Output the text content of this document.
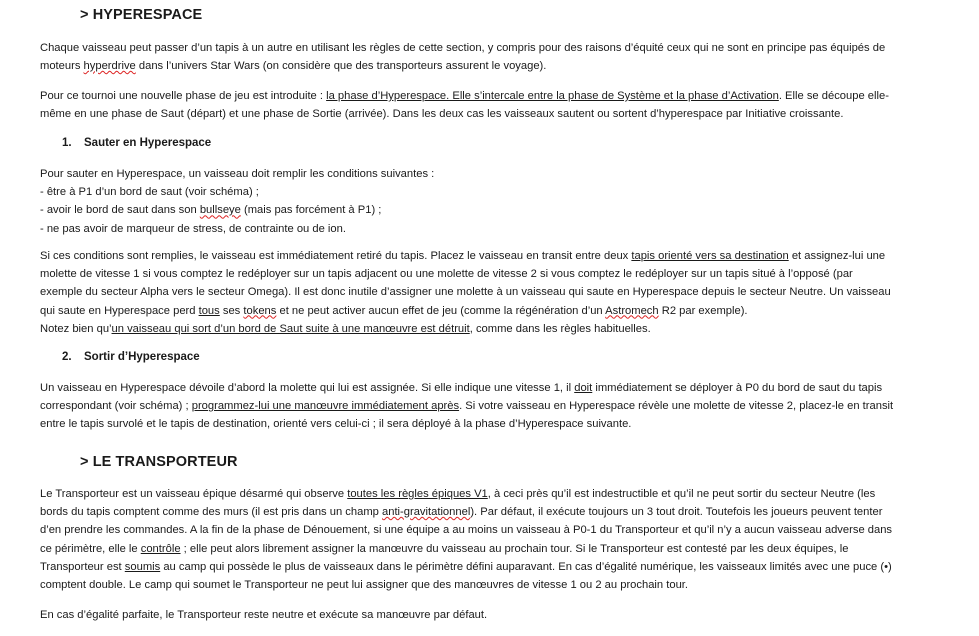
> HYPERESPACE
Chaque vaisseau peut passer d’un tapis à un autre en utilisant les règles de cette section, y compris pour des raisons d’équité ceux qui ne sont en principe pas équipés de
moteurs hyperdrive dans l’univers Star Wars (on considère que des transporteurs assurent le voyage).
Pour ce tournoi une nouvelle phase de jeu est introduite : la phase d’Hyperespace. Elle s’intercale entre la phase de Système et la phase d’Activation. Elle se découpe elle-
même en une phase de Saut (départ) et une phase de Sortie (arrivée). Dans les deux cas les vaisseaux sautent ou sortent d’hyperespace par Initiative croissante.
1. Sauter en Hyperespace
Pour sauter en Hyperespace, un vaisseau doit remplir les conditions suivantes :
- être à P1 d’un bord de saut (voir schéma) ;
- avoir le bord de saut dans son bullseye (mais pas forcément à P1) ;
- ne pas avoir de marqueur de stress, de contrainte ou de ion.
Si ces conditions sont remplies, le vaisseau est immédiatement retiré du tapis. Placez le vaisseau en transit entre deux tapis orienté vers sa destination et assignez-lui une
molette de vitesse 1 si vous comptez le redéployer sur un tapis adjacent ou une molette de vitesse 2 si vous comptez le redéployer sur un tapis situé à l’opposé (par
exemple du secteur Alpha vers le secteur Omega). Il est donc inutile d’assigner une molette à un vaisseau qui saute en Hyperespace depuis le secteur Neutre. Un vaisseau
qui saute en Hyperespace perd tous ses tokens et ne peut activer aucun effet de jeu (comme la régénération d’un Astromech R2 par exemple).
Notez bien qu’un vaisseau qui sort d’un bord de Saut suite à une manœuvre est détruit, comme dans les règles habituelles.
2. Sortir d’Hyperespace
Un vaisseau en Hyperespace dévoile d’abord la molette qui lui est assignée. Si elle indique une vitesse 1, il doit immédiatement se déployer à P0 du bord de saut du tapis
correspondant (voir schéma) ; programmez-lui une manœuvre immédiatement après. Si votre vaisseau en Hyperespace révèle une molette de vitesse 2, placez-le en transit
entre le tapis survolé et le tapis de destination, orienté vers celui-ci ; il sera déployé à la phase d’Hyperespace suivante.
> LE TRANSPORTEUR
Le Transporteur est un vaisseau épique désarmé qui observe toutes les règles épiques V1, à ceci près qu’il est indestructible et qu’il ne peut sortir du secteur Neutre (les
bords du tapis comptent comme des murs (il est pris dans un champ anti-gravitationnel). Par défaut, il exécute toujours un 3 tout droit. Toutefois les joueurs peuvent tenter
d’en prendre les commandes. A la fin de la phase de Dénouement, si une équipe a au moins un vaisseau à P0-1 du Transporteur et qu’il n’y a aucun vaisseau adverse dans
ce périmètre, elle le contrôle ; elle peut alors librement assigner la manœuvre du vaisseau au prochain tour. Si le Transporteur est contesté par les deux équipes, le
Transporteur est soumis au camp qui possède le plus de vaisseaux dans le périmètre défini auparavant. En cas d’égalité numérique, les vaisseaux limités avec une puce (•)
comptent double. Le camp qui soumet le Transporteur ne peut lui assigner que des manœuvres de vitesse 1 ou 2 au prochain tour.
En cas d’égalité parfaite, le Transporteur reste neutre et exécute sa manœuvre par défaut.
